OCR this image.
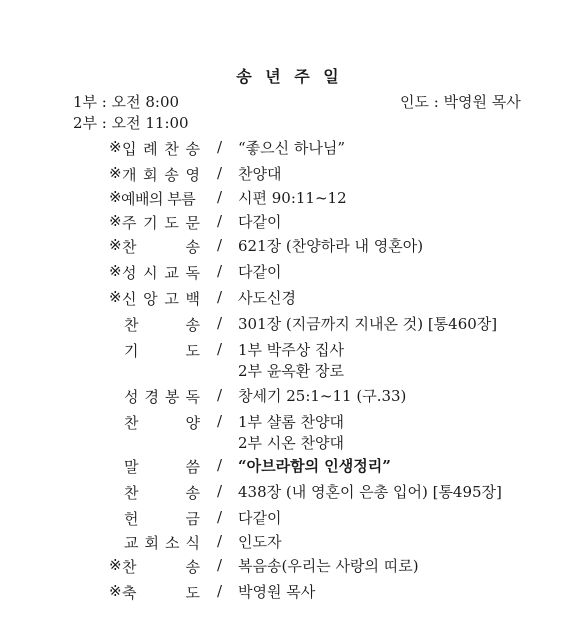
송 년 주 일
1부 : 오전 8:00
2부 : 오전 11:00
인도 : 박영원 목사
※ 입 례 찬 송 / “좋으신 하나님”
※ 개 회 송 영 / 찬양대
※ 예배의 부름 / 시편 90:11~12
※ 주 기 도 문 / 다같이
※ 찬	송 / 621장 (찬양하라 내 영혼아)
※ 성 시 교 독 / 다같이
※ 신 앙 고 백 / 사도신경
찬	송 / 301장 (지금까지 지내온 것) [통460장]
기	도 / 1부 박주상 집사
2부 윤옥환 장로
성 경 봉 독 / 창세기 25:1~11 (구.33)
찬	양 / 1부 샬롬 찬양대
2부 시온 찬양대
말	씀 / “아브라함의 인생정리”
찬	송 / 438장 (내 영혼이 은총 입어) [통495장]
헌	금 / 다같이
교 회 소 식 / 인도자
※ 찬	송 / 복음송(우리는 사랑의 띠로)
※ 축	도 / 박영원 목사
